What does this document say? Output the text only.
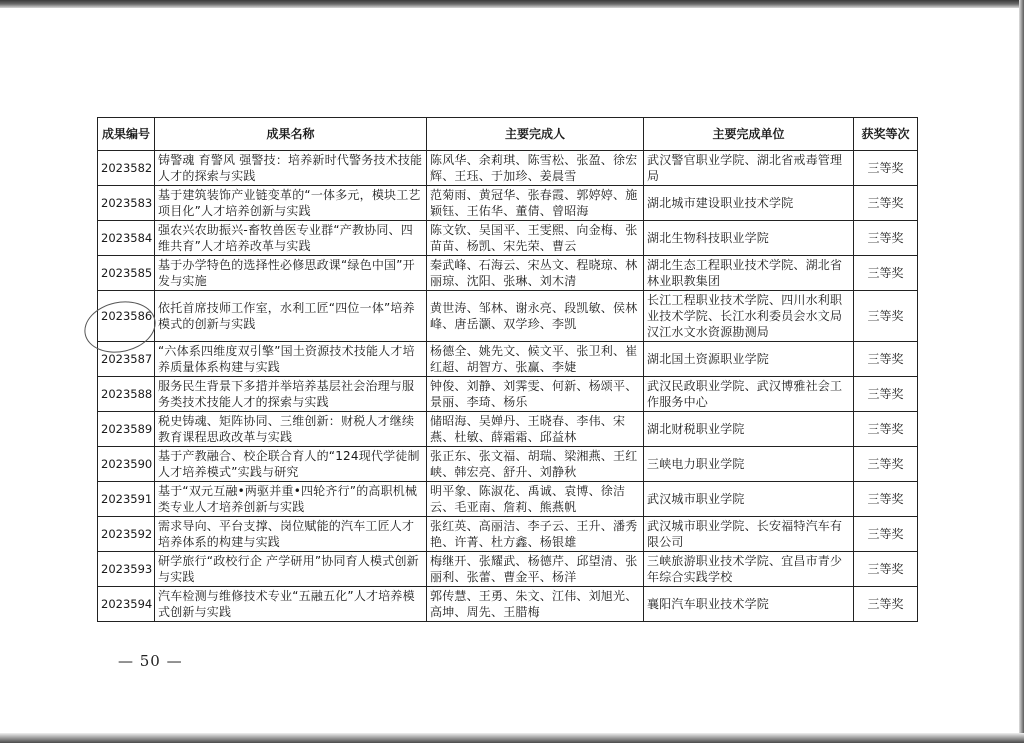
成果编号	成果名称	主要完成人	主要完成单位	获奖等次
2023582	铸警魂 育警风 强警技：培养新时代警务技术技能人才的探索与实践	陈风华、余莉琪、陈雪松、张盈、徐宏辉、王珏、于加珍、姜晨雪	武汉警官职业学院、湖北省戒毒管理局	三等奖
2023583	基于建筑装饰产业链变革的“一体多元，模块工艺项目化”人才培养创新与实践	范菊雨、黄冠华、张春霞、郭婷婷、施颖钰、王佑华、董倩、曾昭海	湖北城市建设职业技术学院	三等奖
2023584	强农兴农助振兴-畜牧兽医专业群“产教协同、四维共育”人才培养改革与实践	陈文钦、吴国平、王雯熙、向金梅、张苗苗、杨凯、宋先荣、曹云	湖北生物科技职业学院	三等奖
2023585	基于办学特色的选择性必修思政课“绿色中国”开发与实施	秦武峰、石海云、宋丛文、程晓琼、林丽琼、沈阳、张琳、刘木清	湖北生态工程职业技术学院、湖北省林业职教集团	三等奖
2023586	依托首席技师工作室，水利工匠“四位一体”培养模式的创新与实践	黄世涛、邹林、谢永亮、段凯敏、侯林峰、唐岳灏、双学珍、李凯	长江工程职业技术学院、四川水利职业技术学院、长江水利委员会水文局汉江水文水资源勘测局	三等奖
2023587	“六体系四维度双引擎”国土资源技术技能人才培养质量体系构建与实践	杨德全、姚先文、候文平、张卫利、崔红超、胡智方、张赢、李婕	湖北国土资源职业学院	三等奖
2023588	服务民生背景下多措并举培养基层社会治理与服务类技术技能人才的探索与实践	钟俊、刘静、刘霁雯、何新、杨颂平、景丽、李琦、杨乐	武汉民政职业学院、武汉博雅社会工作服务中心	三等奖
2023589	税史铸魂、矩阵协同、三维创新：财税人才继续教育课程思政改革与实践	储昭海、吴婵丹、王晓春、李伟、宋燕、杜敏、薛霜霜、邱益林	湖北财税职业学院	三等奖
2023590	基于产教融合、校企联合育人的“124现代学徒制人才培养模式”实践与研究	张正东、张文福、胡瑞、梁湘燕、王红峡、韩宏亮、舒升、刘静秋	三峡电力职业学院	三等奖
2023591	基于“双元互融•两驱并重•四轮齐行”的高职机械类专业人才培养创新与实践	明平象、陈淑花、禹诚、袁博、徐洁云、毛亚南、詹莉、熊燕帆	武汉城市职业学院	三等奖
2023592	需求导向、平台支撑、岗位赋能的汽车工匠人才培养体系的构建与实践	张红英、高丽洁、李子云、王升、潘秀艳、许菁、杜方鑫、杨银雄	武汉城市职业学院、长安福特汽车有限公司	三等奖
2023593	研学旅行“政校行企 产学研用”协同育人模式创新与实践	梅继开、张耀武、杨德芹、邱望清、张丽利、张蕾、曹金平、杨洋	三峡旅游职业技术学院、宜昌市青少年综合实践学校	三等奖
2023594	汽车检测与维修技术专业“五融五化”人才培养模式创新与实践	郭传慧、王勇、朱文、江伟、刘旭光、高坤、周先、王腊梅	襄阳汽车职业技术学院	三等奖
— 50 —
